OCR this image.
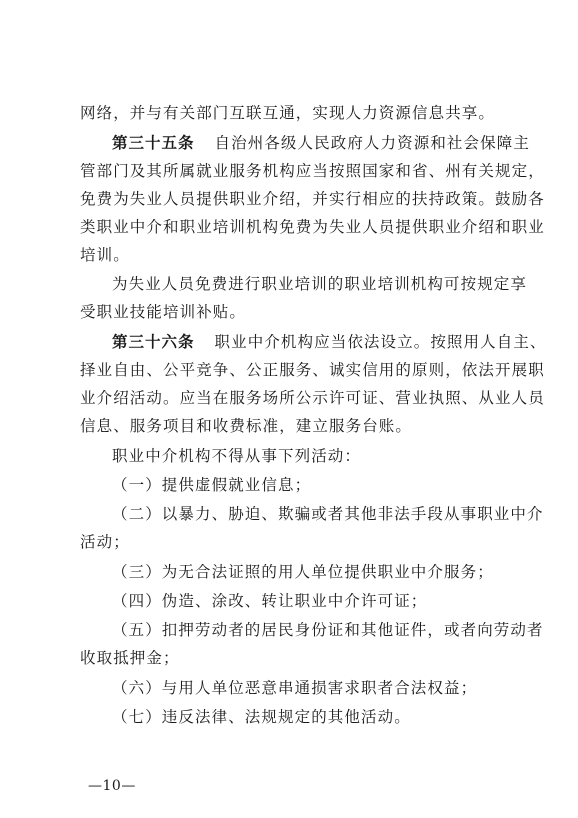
网络，并与有关部门互联互通，实现人力资源信息共享。
第三十五条 自治州各级人民政府人力资源和社会保障主
管部门及其所属就业服务机构应当按照国家和省、州有关规定，
免费为失业人员提供职业介绍，并实行相应的扶持政策。鼓励各
类职业中介和职业培训机构免费为失业人员提供职业介绍和职业
培训。
为失业人员免费进行职业培训的职业培训机构可按规定享
受职业技能培训补贴。
第三十六条 职业中介机构应当依法设立。按照用人自主、
择业自由、公平竞争、公正服务、诚实信用的原则，依法开展职
业介绍活动。应当在服务场所公示许可证、营业执照、从业人员
信息、服务项目和收费标准，建立服务台账。
职业中介机构不得从事下列活动：
（一）提供虚假就业信息；
（二）以暴力、胁迫、欺骗或者其他非法手段从事职业中介
活动；
（三）为无合法证照的用人单位提供职业中介服务；
（四）伪造、涂改、转让职业中介许可证；
（五）扣押劳动者的居民身份证和其他证件，或者向劳动者
收取抵押金；
（六）与用人单位恶意串通损害求职者合法权益；
（七）违反法律、法规规定的其他活动。
—10—
